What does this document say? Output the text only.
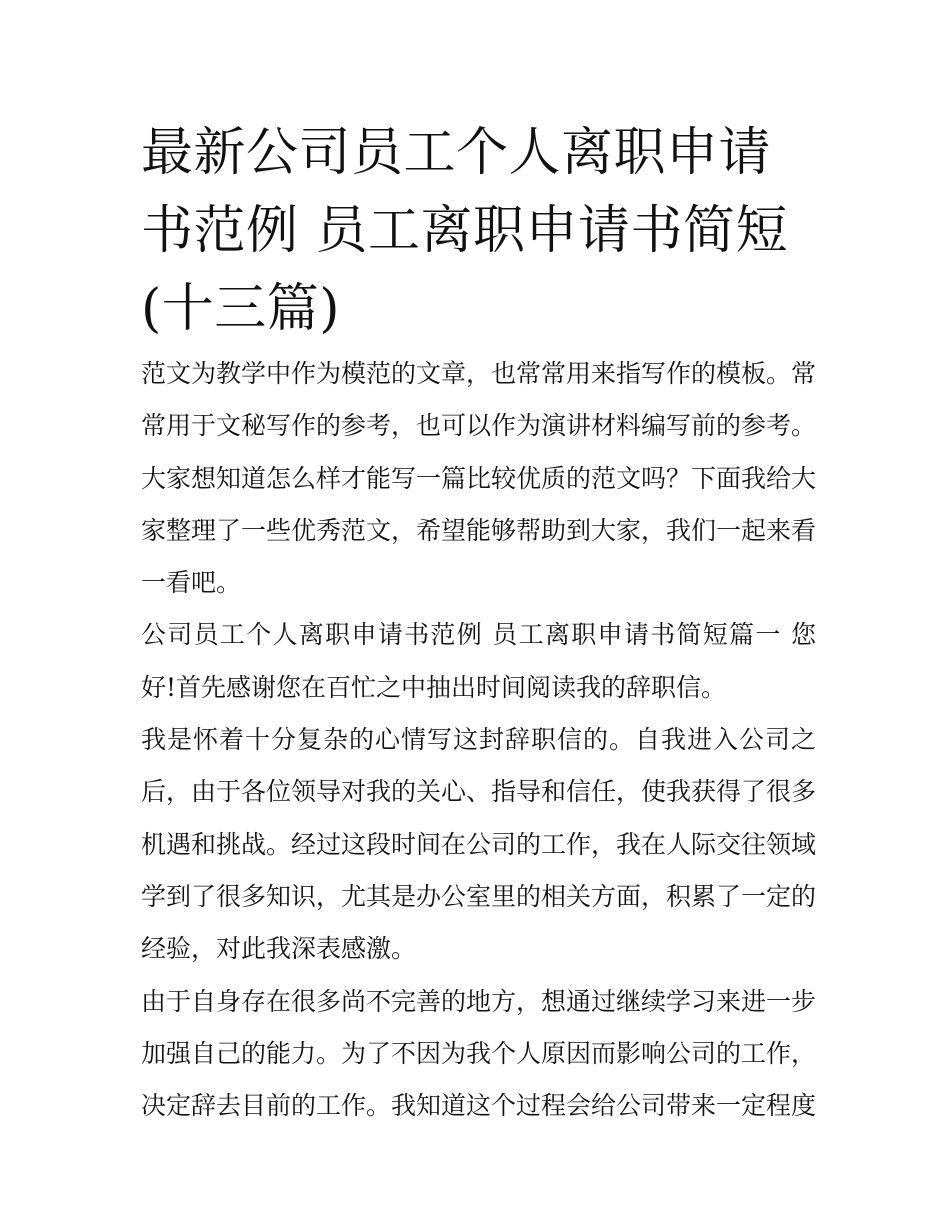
最新公司员工个人离职申请书范例 员工离职申请书简短(十三篇)

范文为教学中作为模范的文章，也常常用来指写作的模板。常常用于文秘写作的参考，也可以作为演讲材料编写前的参考。大家想知道怎么样才能写一篇比较优质的范文吗？下面我给大家整理了一些优秀范文，希望能够帮助到大家，我们一起来看一看吧。

公司员工个人离职申请书范例 员工离职申请书简短篇一 您好!首先感谢您在百忙之中抽出时间阅读我的辞职信。

我是怀着十分复杂的心情写这封辞职信的。自我进入公司之后，由于各位领导对我的关心、指导和信任，使我获得了很多机遇和挑战。经过这段时间在公司的工作，我在人际交往领域学到了很多知识，尤其是办公室里的相关方面，积累了一定的经验，对此我深表感激。

由于自身存在很多尚不完善的地方，想通过继续学习来进一步加强自己的能力。为了不因为我个人原因而影响公司的工作，决定辞去目前的工作。我知道这个过程会给公司带来一定程度
